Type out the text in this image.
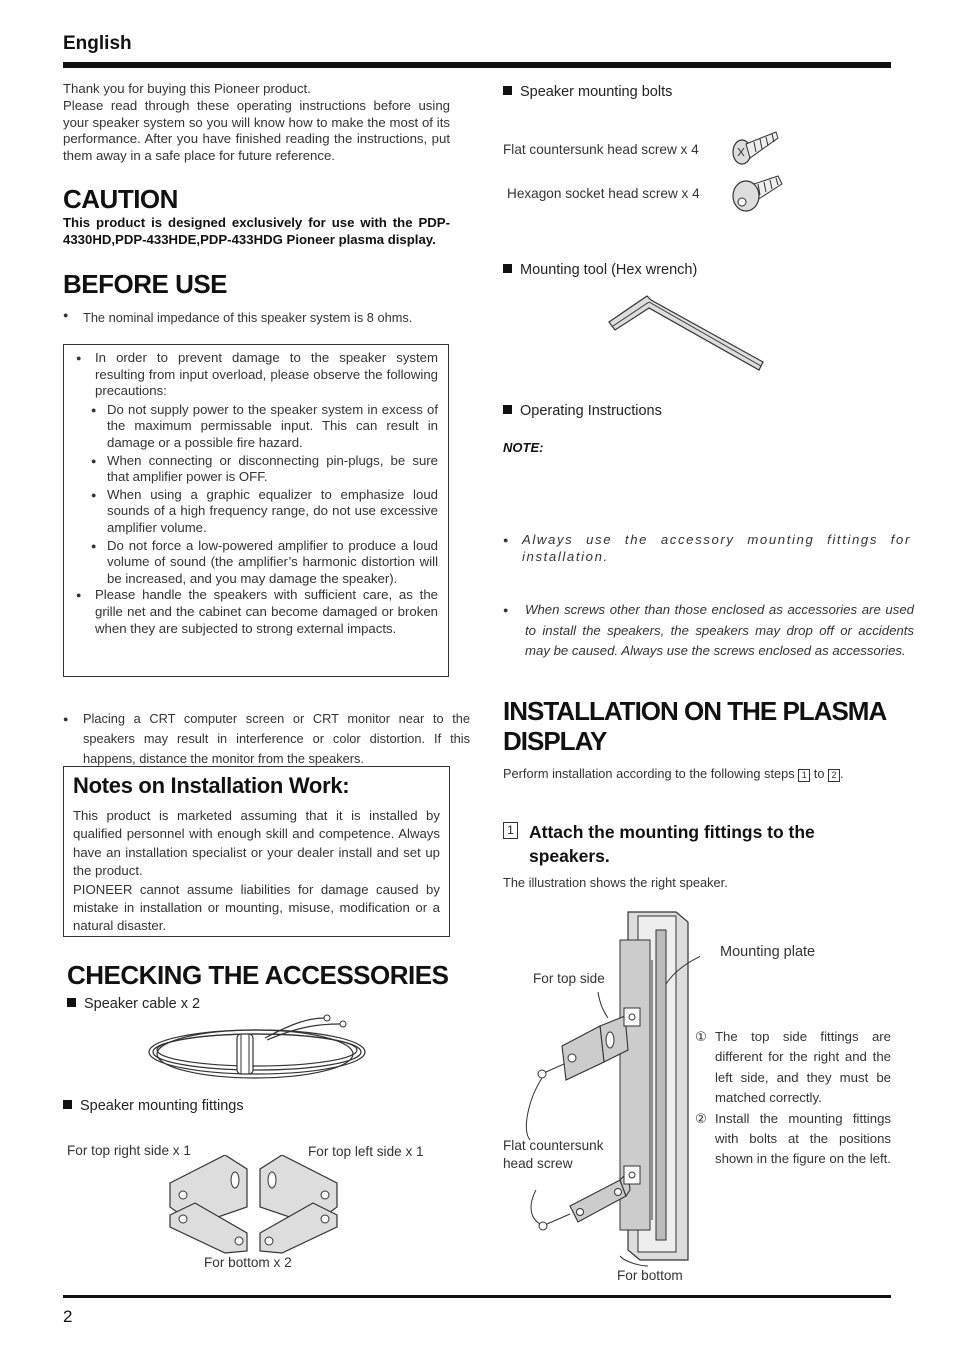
English

Thank you for buying this Pioneer product.
Please read through these operating instructions before using your speaker system so you will know how to make the most of its performance. After you have finished reading the instructions, put them away in a safe place for future reference.

CAUTION
This product is designed exclusively for use with the PDP-4330HD,PDP-433HDE,PDP-433HDG Pioneer plasma display.
BEFORE USE
● The nominal impedance of this speaker system is 8 ohms.
● In order to prevent damage to the speaker system resulting from input overload, please observe the following precautions:
● Do not supply power to the speaker system in excess of the maximum permissable input. This can result in damage or a possible fire hazard.
● When connecting or disconnecting pin-plugs, be sure that amplifier power is OFF.
● When using a graphic equalizer to emphasize loud sounds of a high frequency range, do not use excessive amplifier volume.
● Do not force a low-powered amplifier to produce a loud volume of sound (the amplifier’s harmonic distortion will be increased, and you may damage the speaker).
● Please handle the speakers with sufficient care, as the grille net and the cabinet can become damaged or broken when they are subjected to strong external impacts.
● Placing a CRT computer screen or CRT monitor near to the speakers may result in interference or color distortion. If this happens, distance the monitor from the speakers.
Notes on Installation Work:

This product is marketed assuming that it is installed by qualified personnel with enough skill and competence. Always have an installation specialist or your dealer install and set up the product.

PIONEER cannot assume liabilities for damage caused by mistake in installation or mounting, misuse, modification or a natural disaster.

CHECKING THE ACCESSORIES
Speaker cable x 2
Speaker mounting fittings
For top right side x 1	For top left side x 1
For bottom x 2
Speaker mounting bolts
Flat countersunk head screw x 4
Hexagon socket head screw x 4
Mounting tool (Hex wrench)
Operating Instructions
NOTE:
● Always use the accessory mounting fittings for installation.
● When screws other than those enclosed as accessories are used to install the speakers, the speakers may drop off or accidents may be caused. Always use the screws enclosed as accessories.
INSTALLATION ON THE PLASMA DISPLAY
Perform installation according to the following steps 1 to 2 .
1 Attach the mounting fittings to the speakers.
The illustration shows the right speaker.
Mounting plate
For top side
Flat countersunk head screw
For bottom
① The top side fittings are different for the right and the left side, and they must be matched correctly.
② Install the mounting fittings with bolts at the positions shown in the figure on the left.
2
